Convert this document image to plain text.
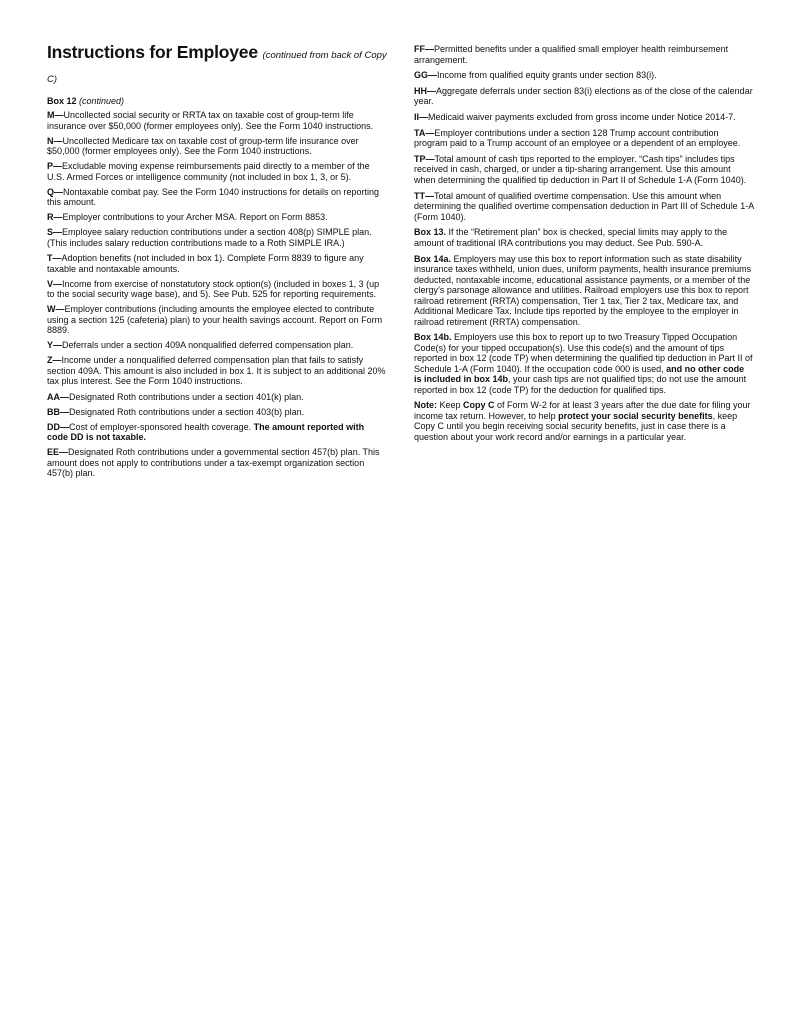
Instructions for Employee (continued from back of Copy C)
Box 12 (continued)

M—Uncollected social security or RRTA tax on taxable cost of group-term life insurance over $50,000 (former employees only). See the Form 1040 instructions.

N—Uncollected Medicare tax on taxable cost of group-term life insurance over $50,000 (former employees only). See the Form 1040 instructions.

P—Excludable moving expense reimbursements paid directly to a member of the U.S. Armed Forces or intelligence community (not included in box 1, 3, or 5).

Q—Nontaxable combat pay. See the Form 1040 instructions for details on reporting this amount.

R—Employer contributions to your Archer MSA. Report on Form 8853.

S—Employee salary reduction contributions under a section 408(p) SIMPLE plan. (This includes salary reduction contributions made to a Roth SIMPLE IRA.)

T—Adoption benefits (not included in box 1). Complete Form 8839 to figure any taxable and nontaxable amounts.

V—Income from exercise of nonstatutory stock option(s) (included in boxes 1, 3 (up to the social security wage base), and 5). See Pub. 525 for reporting requirements.

W—Employer contributions (including amounts the employee elected to contribute using a section 125 (cafeteria) plan) to your health savings account. Report on Form 8889.

Y—Deferrals under a section 409A nonqualified deferred compensation plan.

Z—Income under a nonqualified deferred compensation plan that fails to satisfy section 409A. This amount is also included in box 1. It is subject to an additional 20% tax plus interest. See the Form 1040 instructions.

AA—Designated Roth contributions under a section 401(k) plan.

BB—Designated Roth contributions under a section 403(b) plan.

DD—Cost of employer-sponsored health coverage. The amount reported with code DD is not taxable.

EE—Designated Roth contributions under a governmental section 457(b) plan. This amount does not apply to contributions under a tax-exempt organization section 457(b) plan.

FF—Permitted benefits under a qualified small employer health reimbursement arrangement.

GG—Income from qualified equity grants under section 83(i).

HH—Aggregate deferrals under section 83(i) elections as of the close of the calendar year.

II—Medicaid waiver payments excluded from gross income under Notice 2014-7.

TA—Employer contributions under a section 128 Trump account contribution program paid to a Trump account of an employee or a dependent of an employee.

TP—Total amount of cash tips reported to the employer. “Cash tips” includes tips received in cash, charged, or under a tip-sharing arrangement. Use this amount when determining the qualified tip deduction in Part II of Schedule 1-A (Form 1040).

TT—Total amount of qualified overtime compensation. Use this amount when determining the qualified overtime compensation deduction in Part III of Schedule 1-A (Form 1040).

Box 13. If the “Retirement plan” box is checked, special limits may apply to the amount of traditional IRA contributions you may deduct. See Pub. 590-A.

Box 14a. Employers may use this box to report information such as state disability insurance taxes withheld, union dues, uniform payments, health insurance premiums deducted, nontaxable income, educational assistance payments, or a member of the clergy’s parsonage allowance and utilities. Railroad employers use this box to report railroad retirement (RRTA) compensation, Tier 1 tax, Tier 2 tax, Medicare tax, and Additional Medicare Tax. Include tips reported by the employee to the employer in railroad retirement (RRTA) compensation.

Box 14b. Employers use this box to report up to two Treasury Tipped Occupation Code(s) for your tipped occupation(s). Use this code(s) and the amount of tips reported in box 12 (code TP) when determining the qualified tip deduction in Part II of Schedule 1-A (Form 1040). If the occupation code 000 is used, and no other code is included in box 14b, your cash tips are not qualified tips; do not use the amount reported in box 12 (code TP) for the deduction for qualified tips.

Note: Keep Copy C of Form W-2 for at least 3 years after the due date for filing your income tax return. However, to help protect your social security benefits, keep Copy C until you begin receiving social security benefits, just in case there is a question about your work record and/or earnings in a particular year.
